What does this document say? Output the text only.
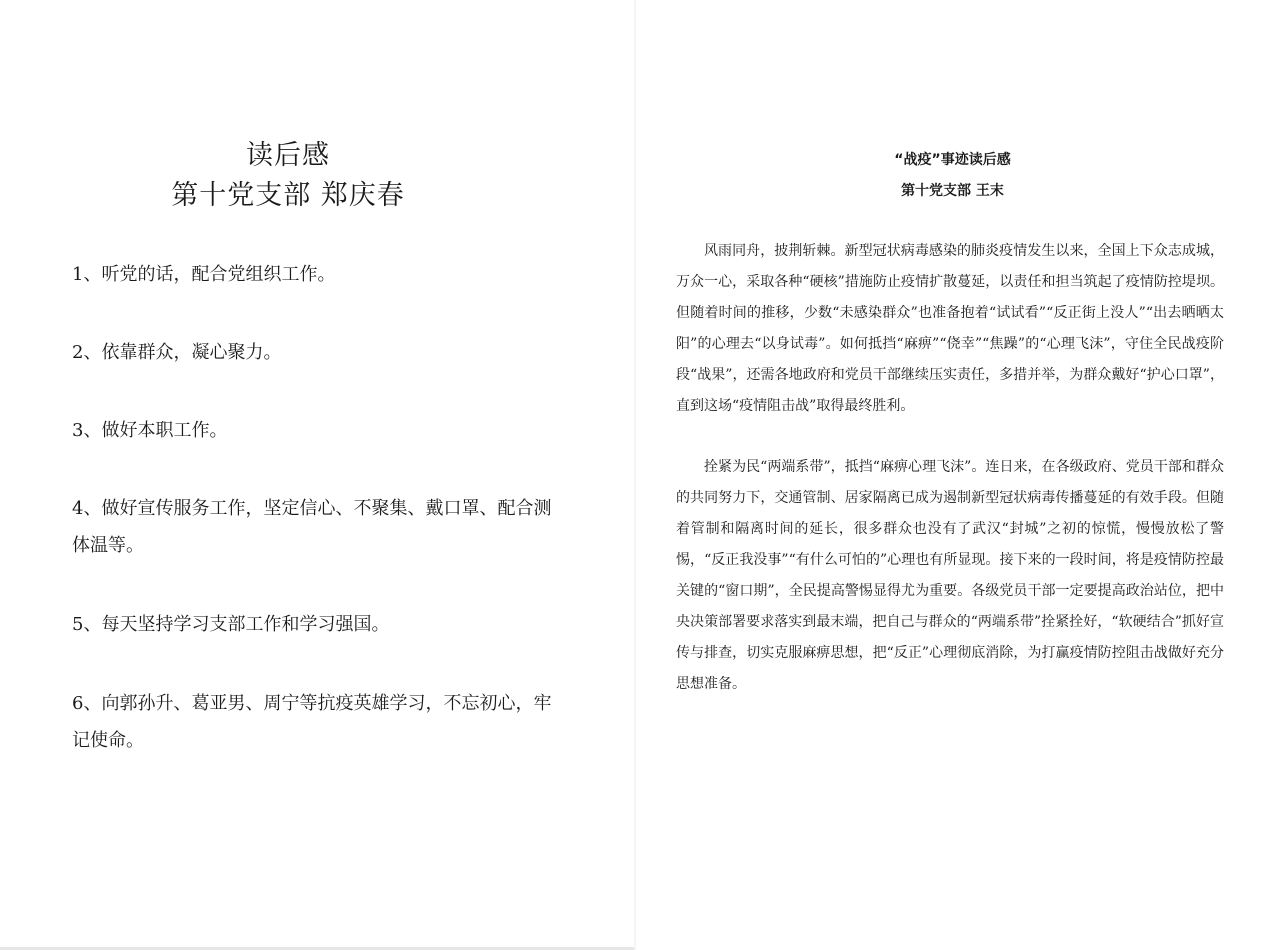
读后感
第十党支部 郑庆春
1、听党的话，配合党组织工作。
2、依靠群众，凝心聚力。
3、做好本职工作。
4、做好宣传服务工作，坚定信心、不聚集、戴口罩、配合测体温等。
5、每天坚持学习支部工作和学习强国。
6、向郭孙升、葛亚男、周宁等抗疫英雄学习，不忘初心，牢记使命。
“战疫”事迹读后感
第十党支部 王末
风雨同舟，披荆斩棘。新型冠状病毒感染的肺炎疫情发生以来，全国上下众志成城，万众一心，采取各种“硬核”措施防止疫情扩散蔓延，以责任和担当筑起了疫情防控堤坝。但随着时间的推移，少数“未感染群众”也准备抱着“试试看”“反正街上没人”“出去晒晒太阳”的心理去“以身试毒”。如何抵挡“麻痹”“侥幸”“焦躁”的“心理飞沫”，守住全民战疫阶段“战果”，还需各地政府和党员干部继续压实责任，多措并举，为群众戴好“护心口罩”，直到这场“疫情阻击战”取得最终胜利。
拴紧为民“两端系带”，抵挡“麻痹心理飞沫”。连日来，在各级政府、党员干部和群众的共同努力下，交通管制、居家隔离已成为遏制新型冠状病毒传播蔓延的有效手段。但随着管制和隔离时间的延长，很多群众也没有了武汉“封城”之初的惊慌，慢慢放松了警惕，“反正我没事”“有什么可怕的”心理也有所显现。接下来的一段时间，将是疫情防控最关键的“窗口期”，全民提高警惕显得尤为重要。各级党员干部一定要提高政治站位，把中央决策部署要求落实到最末端，把自己与群众的“两端系带”拴紧拴好，“软硬结合”抓好宣传与排查，切实克服麻痹思想，把“反正”心理彻底消除，为打赢疫情防控阻击战做好充分思想准备。
